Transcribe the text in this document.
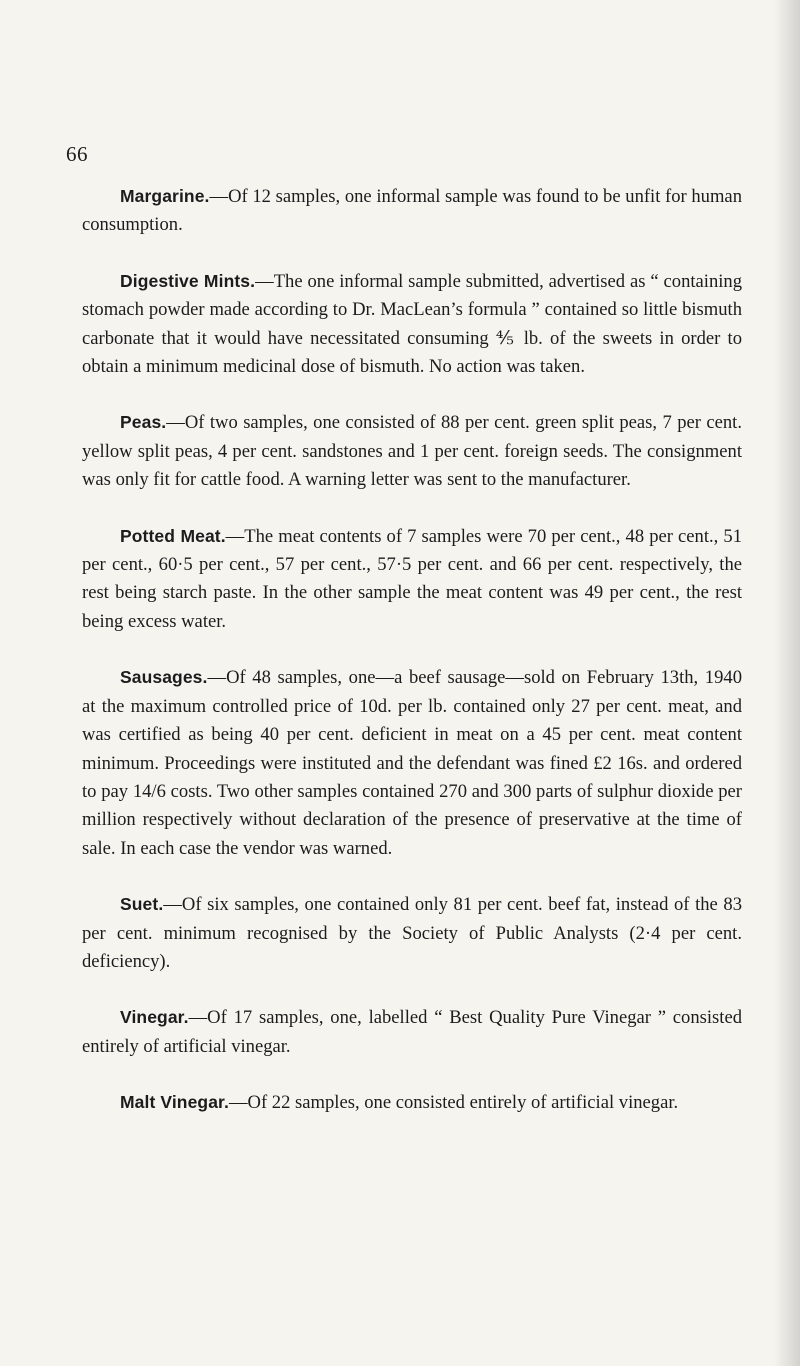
66

Margarine.—Of 12 samples, one informal sample was found to be unfit for human consumption.

Digestive Mints.—The one informal sample submitted, advertised as “ containing stomach powder made according to Dr. MacLean’s formula ” contained so little bismuth carbonate that it would have necessitated consuming ⅘ lb. of the sweets in order to obtain a minimum medicinal dose of bismuth. No action was taken.

Peas.—Of two samples, one consisted of 88 per cent. green split peas, 7 per cent. yellow split peas, 4 per cent. sandstones and 1 per cent. foreign seeds. The consignment was only fit for cattle food. A warning letter was sent to the manufacturer.

Potted Meat.—The meat contents of 7 samples were 70 per cent., 48 per cent., 51 per cent., 60·5 per cent., 57 per cent., 57·5 per cent. and 66 per cent. respectively, the rest being starch paste. In the other sample the meat content was 49 per cent., the rest being excess water.

Sausages.—Of 48 samples, one—a beef sausage—sold on February 13th, 1940 at the maximum controlled price of 10d. per lb. contained only 27 per cent. meat, and was certified as being 40 per cent. deficient in meat on a 45 per cent. meat content minimum. Proceedings were instituted and the defendant was fined £2 16s. and ordered to pay 14/6 costs. Two other samples contained 270 and 300 parts of sulphur dioxide per million respectively without declaration of the presence of preservative at the time of sale. In each case the vendor was warned.

Suet.—Of six samples, one contained only 81 per cent. beef fat, instead of the 83 per cent. minimum recognised by the Society of Public Analysts (2·4 per cent. deficiency).

Vinegar.—Of 17 samples, one, labelled “ Best Quality Pure Vinegar ” consisted entirely of artificial vinegar.

Malt Vinegar.—Of 22 samples, one consisted entirely of artificial vinegar.
